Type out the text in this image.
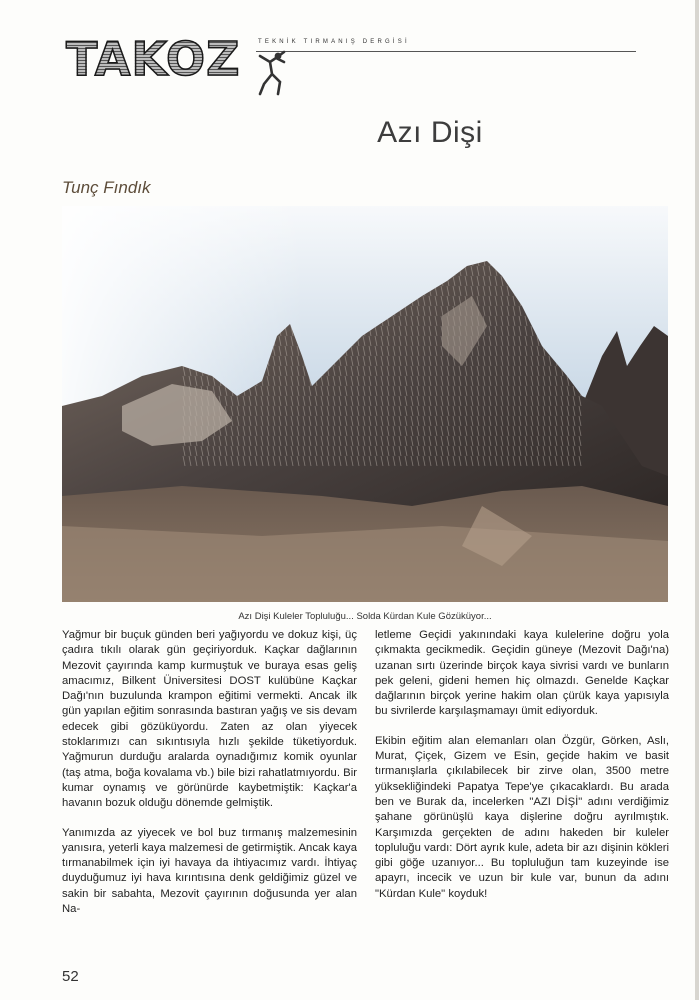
TAKOZ	TEKNİK TIRMANIŞ DERGİSİ
Azı Dişi
Tunç Fındık
Azı Dişi Kuleler Topluluğu... Solda Kürdan Kule Gözüküyor...

Yağmur bir buçuk günden beri yağıyordu ve dokuz kişi, üç çadıra tıkılı olarak gün geçiriyorduk. Kaçkar dağlarının Mezovit çayırında kamp kurmuştuk ve buraya esas geliş amacımız, Bilkent Üniversitesi DOST kulübüne Kaçkar Dağı'nın buzulunda krampon eğitimi vermekti. Ancak ilk gün yapılan eğitim sonrasında bastıran yağış ve sis devam edecek gibi gözüküyordu. Zaten az olan yiyecek stoklarımızı can sıkıntısıyla hızlı şekilde tüketiyorduk. Yağmurun durduğu aralarda oynadığımız komik oyunlar (taş atma, boğa kovalama vb.) bile bizi rahatlatmıyordu. Bir kumar oynamış ve görünürde kaybetmiştik: Kaçkar'a havanın bozuk olduğu dönemde gelmiştik.

Yanımızda az yiyecek ve bol buz tırmanış malzemesinin yanısıra, yeterli kaya malzemesi de getirmiştik. Ancak kaya tırmanabilmek için iyi havaya da ihtiyacımız vardı. İhtiyaç duyduğumuz iyi hava kırıntısına denk geldiğimiz güzel ve sakin bir sabahta, Mezovit çayırının doğusunda yer alan Na-

letleme Geçidi yakınındaki kaya kulelerine doğru yola çıkmakta gecikmedik. Geçidin güneye (Mezovit Dağı'na) uzanan sırtı üzerinde birçok kaya sivrisi vardı ve bunların pek geleni, gideni hemen hiç olmazdı. Genelde Kaçkar dağlarının birçok yerine hakim olan çürük kaya yapısıyla bu sivrilerde karşılaşmamayı ümit ediyorduk.

Ekibin eğitim alan elemanları olan Özgür, Görken, Aslı, Murat, Çiçek, Gizem ve Esin, geçide hakim ve basit tırmanışlarla çıkılabilecek bir zirve olan, 3500 metre yüksekliğindeki Papatya Tepe'ye çıkacaklardı. Bu arada ben ve Burak da, incelerken "AZI DİŞİ" adını verdiğimiz şahane görünüşlü kaya dişlerine doğru ayrılmıştık. Karşımızda gerçekten de adını hakeden bir kuleler topluluğu vardı: Dört ayrık kule, adeta bir azı dişinin kökleri gibi göğe uzanıyor... Bu topluluğun tam kuzeyinde ise apayrı, incecik ve uzun bir kule var, bunun da adını "Kürdan Kule" koyduk!

52
